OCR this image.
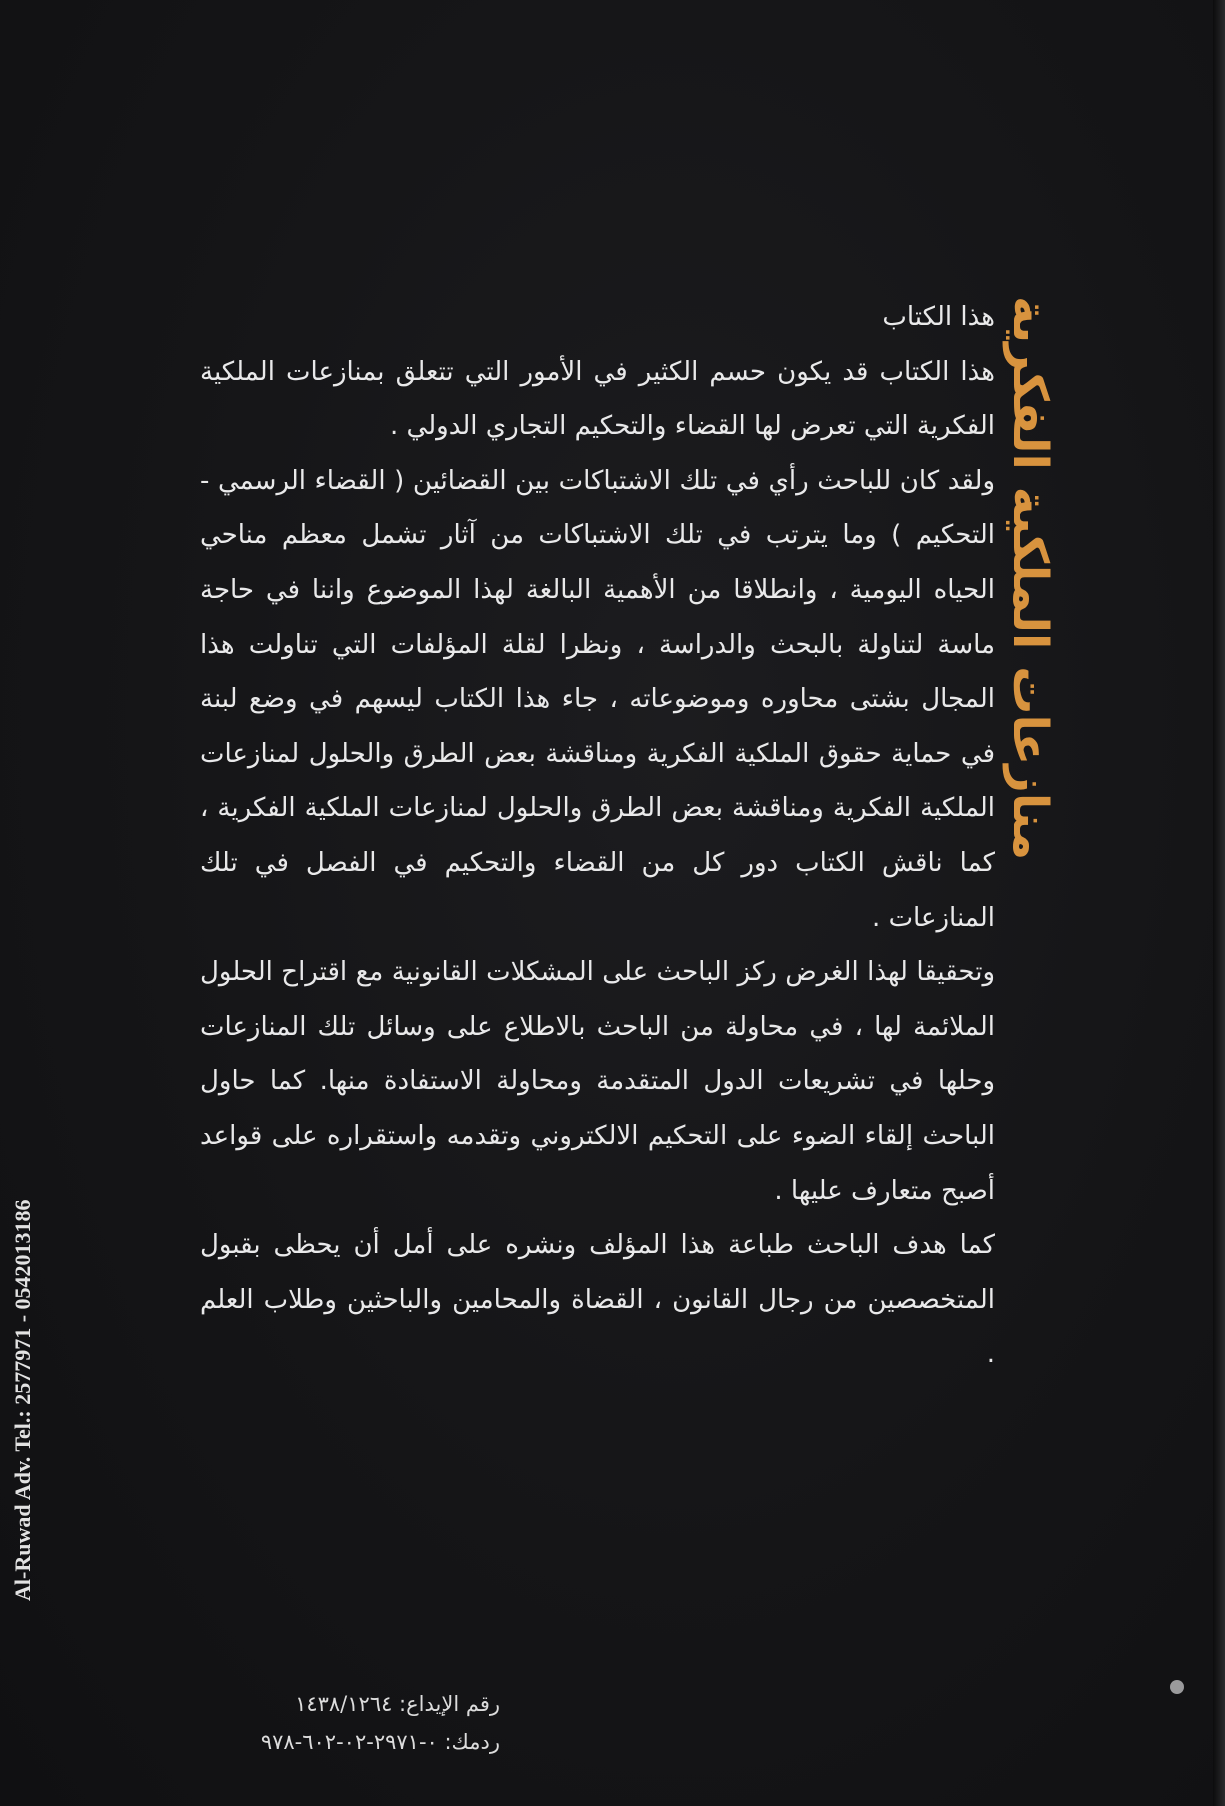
منازعات الملكية الفكرية

هذا الكتاب

هذا الكتاب قد يكون حسم الكثير في الأمور التي تتعلق بمنازعات الملكية الفكرية التي تعرض لها القضاء والتحكيم التجاري الدولي .

ولقد كان للباحث رأي في تلك الاشتباكات بين القضائين ( القضاء الرسمي - التحكيم ) وما يترتب في تلك الاشتباكات من آثار تشمل معظم مناحي الحياه اليومية ، وانطلاقا من الأهمية البالغة لهذا الموضوع واننا في حاجة ماسة لتناولة بالبحث والدراسة ، ونظرا لقلة المؤلفات التي تناولت هذا المجال بشتى محاوره وموضوعاته ، جاء هذا الكتاب ليسهم في وضع لبنة في حماية حقوق الملكية الفكرية ومناقشة بعض الطرق والحلول لمنازعات الملكية الفكرية ومناقشة بعض الطرق والحلول لمنازعات الملكية الفكرية ، كما ناقش الكتاب دور كل من القضاء والتحكيم في الفصل في تلك المنازعات .

وتحقيقا لهذا الغرض ركز الباحث على المشكلات القانونية مع اقتراح الحلول الملائمة لها ، في محاولة من الباحث بالاطلاع على وسائل تلك المنازعات وحلها في تشريعات الدول المتقدمة ومحاولة الاستفادة منها. كما حاول الباحث إلقاء الضوء على التحكيم الالكتروني وتقدمه واستقراره على قواعد أصبح متعارف عليها .

كما هدف الباحث طباعة هذا المؤلف ونشره على أمل أن يحظى بقبول المتخصصين من رجال القانون ، القضاة والمحامين والباحثين وطلاب العلم .

Al-Ruwad Adv. Tel.: 2577971 - 0542013186
رقم الإيداع: ١٤٣٨/١٢٦٤
ردمك: ٠-٢٩٧١-٠٢-٦٠٢-٩٧٨
